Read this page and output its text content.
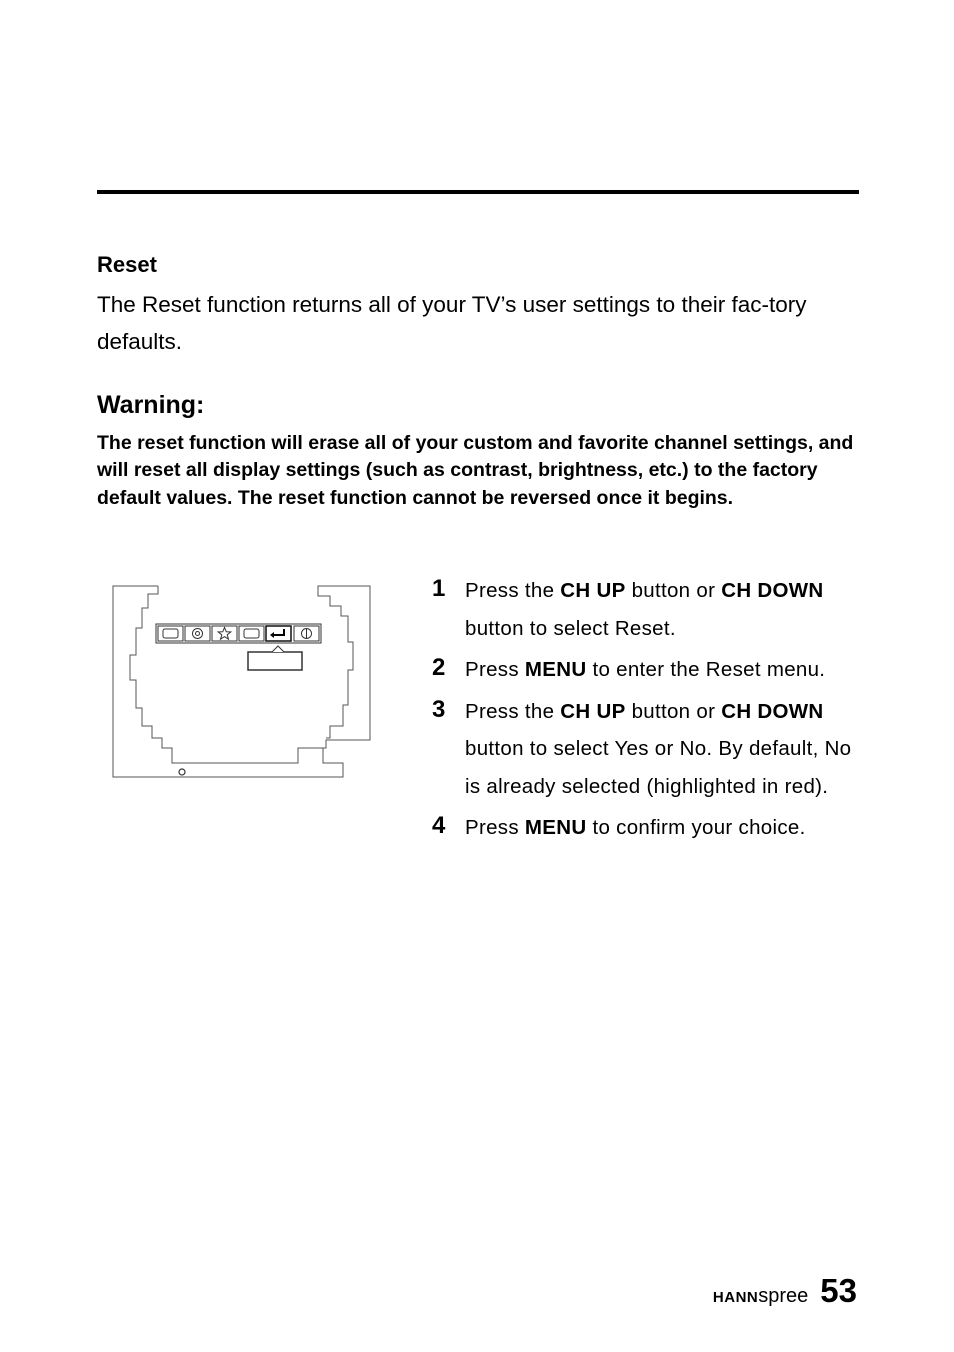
Reset

The Reset function returns all of your TV’s user settings to their fac-tory defaults.

Warning:

The reset function will erase all of your custom and favorite channel settings, and will reset all display settings (such as contrast, brightness, etc.) to the factory default values. The reset function cannot be reversed once it begins.

1 Press the CH UP button or CH DOWN button to select Reset.
2 Press MENU to enter the Reset menu.
3 Press the CH UP button or CH DOWN button to select Yes or No. By default, No is already selected (highlighted in red).
4 Press MENU to confirm your choice.
HANN spree 53
